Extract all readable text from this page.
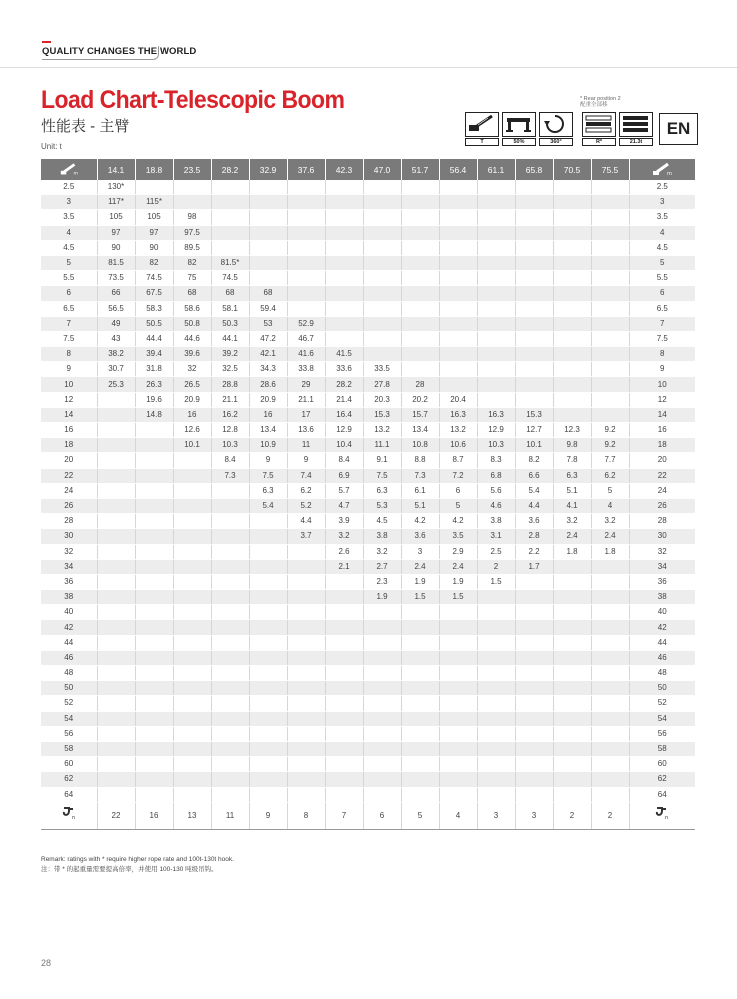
QUALITY CHANGES THE WORLD
Load Chart-Telescopic Boom
性能表 - 主臂
Unit: t
* Rear position 2
配重全部移
T	50%	360°	R*	21.3t
EN
m	14.1	18.8	23.5	28.2	32.9	37.6	42.3	47.0	51.7	56.4	61.1	65.8	70.5	75.5	m

2.5	130*														2.5
3	117*	115*													3
3.5	105	105	98												3.5
4	97	97	97.5												4
4.5	90	90	89.5												4.5
5	81.5	82	82	81.5*											5
5.5	73.5	74.5	75	74.5											5.5
6	66	67.5	68	68	68										6
6.5	56.5	58.3	58.6	58.1	59.4										6.5
7	49	50.5	50.8	50.3	53	52.9									7
7.5	43	44.4	44.6	44.1	47.2	46.7									7.5
8	38.2	39.4	39.6	39.2	42.1	41.6	41.5								8
9	30.7	31.8	32	32.5	34.3	33.8	33.6	33.5							9
10	25.3	26.3	26.5	28.8	28.6	29	28.2	27.8	28						10
12		19.6	20.9	21.1	20.9	21.1	21.4	20.3	20.2	20.4					12
14		14.8	16	16.2	16	17	16.4	15.3	15.7	16.3	16.3	15.3			14
16			12.6	12.8	13.4	13.6	12.9	13.2	13.4	13.2	12.9	12.7	12.3	9.2	16
18			10.1	10.3	10.9	11	10.4	11.1	10.8	10.6	10.3	10.1	9.8	9.2	18
20				8.4	9	9	8.4	9.1	8.8	8.7	8.3	8.2	7.8	7.7	20
22				7.3	7.5	7.4	6.9	7.5	7.3	7.2	6.8	6.6	6.3	6.2	22
24					6.3	6.2	5.7	6.3	6.1	6	5.6	5.4	5.1	5	24
26					5.4	5.2	4.7	5.3	5.1	5	4.6	4.4	4.1	4	26
28						4.4	3.9	4.5	4.2	4.2	3.8	3.6	3.2	3.2	28
30						3.7	3.2	3.8	3.6	3.5	3.1	2.8	2.4	2.4	30
32							2.6	3.2	3	2.9	2.5	2.2	1.8	1.8	32
34							2.1	2.7	2.4	2.4	2	1.7			34
36								2.3	1.9	1.9	1.5				36
38								1.9	1.5	1.5					38
40															40
42															42
44															44
46															46
48															48
50															50
52															52
54															54
56															56
58															58
60															60
62															62
64															64

n	22	16	13	11	9	8	7	6	5	4	3	3	2	2	n
Remark: ratings with * require higher rope rate and 100t-130t hook.
注：带 * 的起重量需要提高倍率，并使用 100-130 吨级吊钩。
28
